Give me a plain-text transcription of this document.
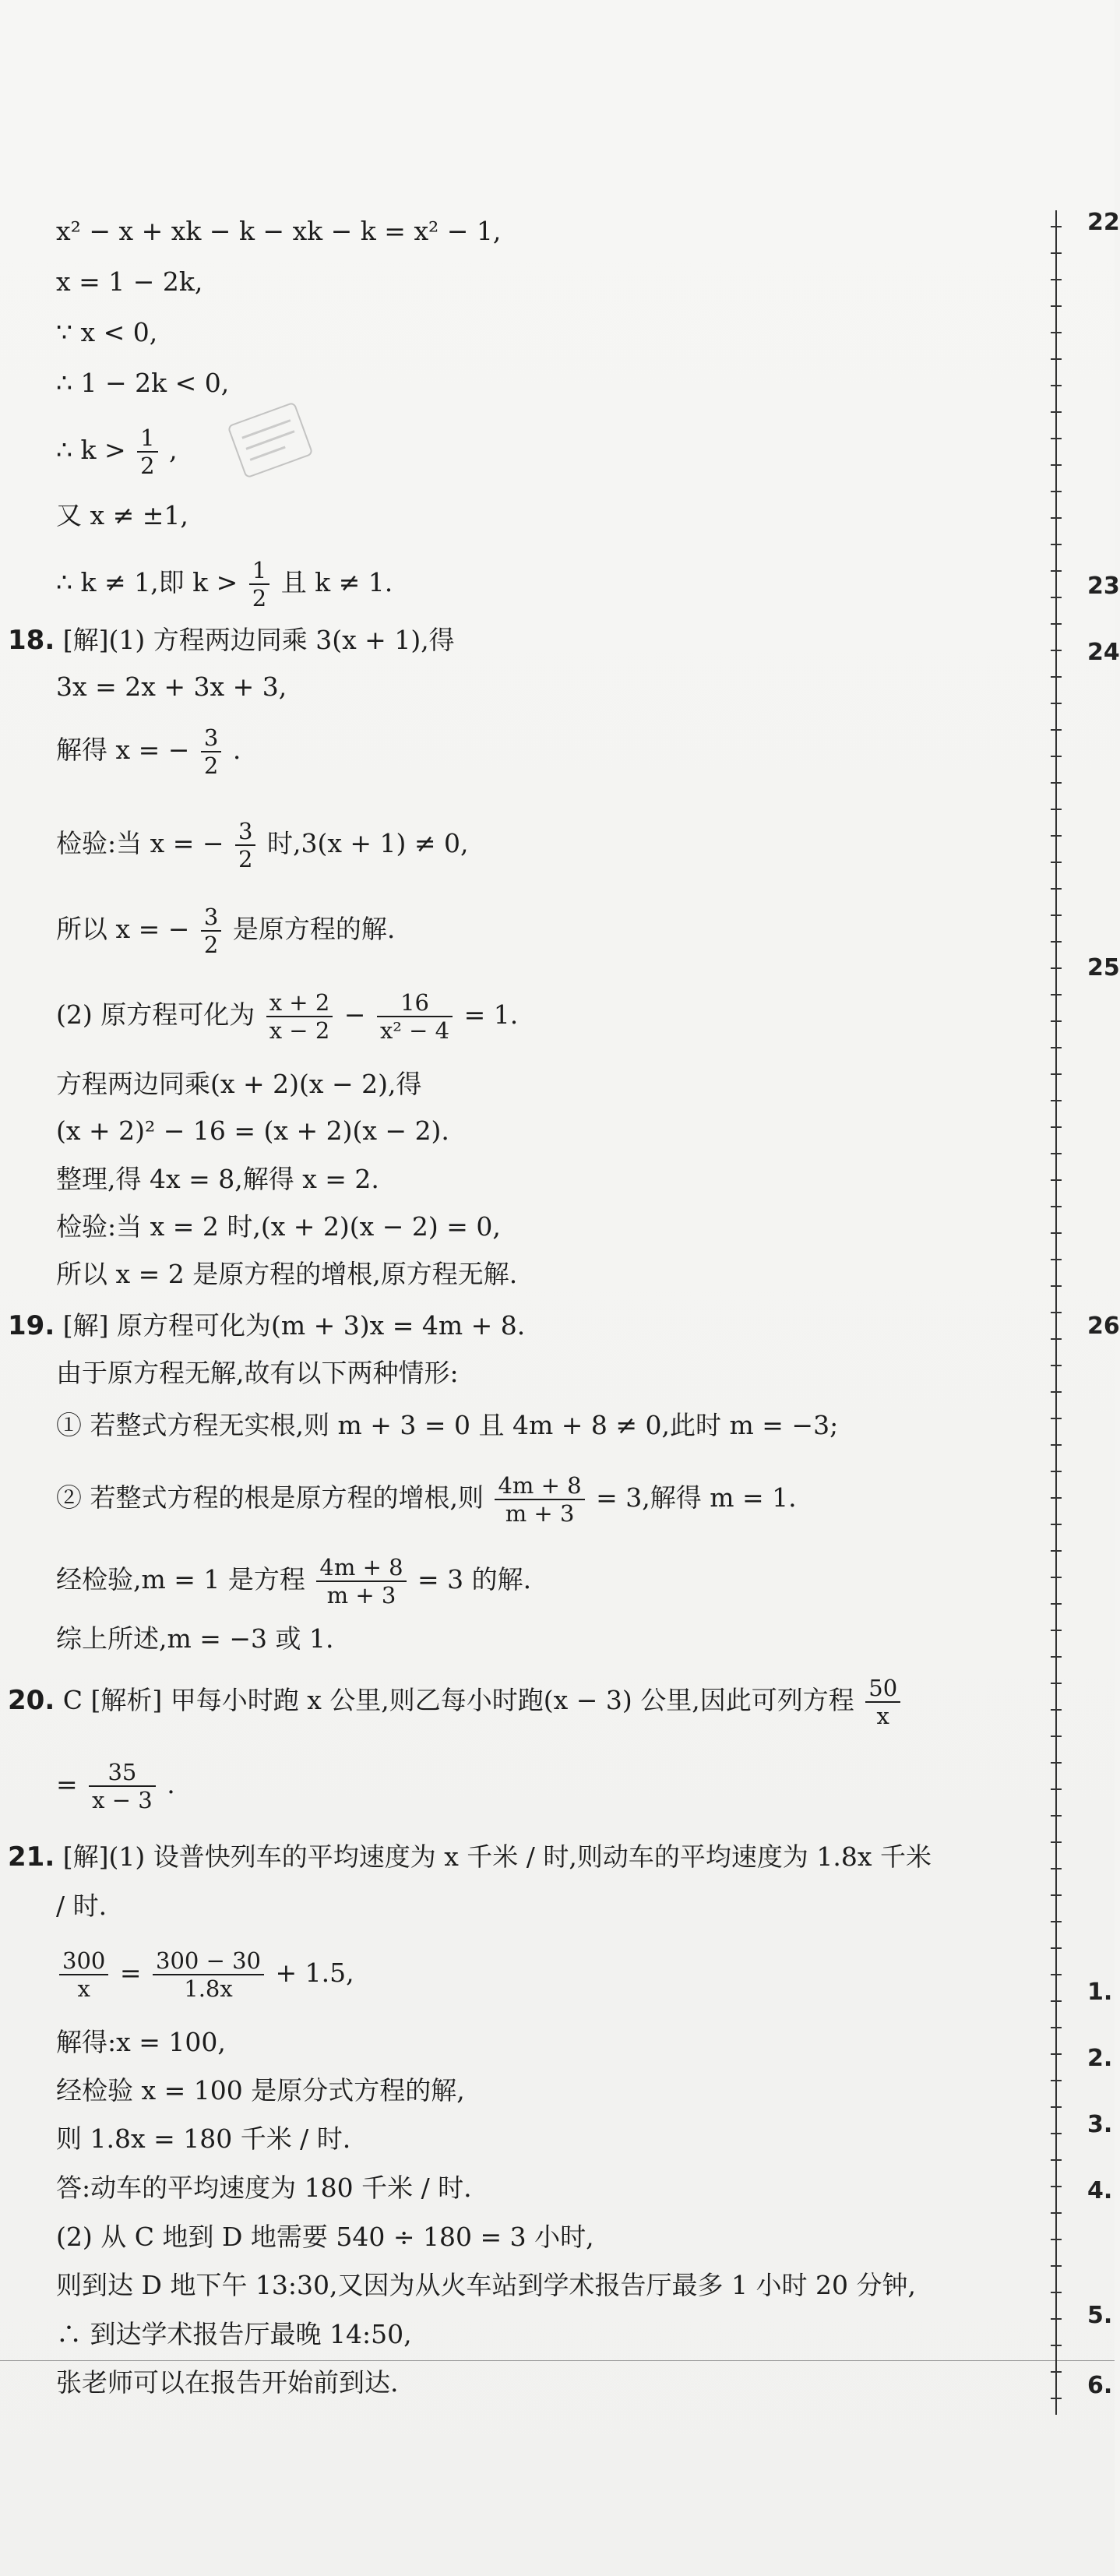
x² − x + xk − k − xk − k = x² − 1,
x = 1 − 2k,
∵ x < 0,
∴ 1 − 2k < 0,
∴ $k > \frac{1}{2}$ ,
又 x ≠ ±1,
∴ k ≠ 1,即 $k > \frac{1}{2}$ 且 k ≠ 1.
18. [解](1) 方程两边同乘 3(x + 1),得
3x = 2x + 3x + 3,
解得 x = − $\frac{3}{2}$ .
检验:当 x = − $\frac{3}{2}$ 时,3(x + 1) ≠ 0,
所以 x = − $\frac{3}{2}$ 是原方程的解.
(2) 原方程可化为 $\frac{x + 2}{x - 2} - \frac{16}{\text{x² − 4}} = 1$.
方程两边同乘(x + 2)(x − 2),得
(x + 2)² − 16 = (x + 2)(x − 2).
整理,得 4x = 8,解得 x = 2.
检验:当 x = 2 时,(x + 2)(x − 2) = 0,
所以 x = 2 是原方程的增根,原方程无解.
19. [解] 原方程可化为(m + 3)x = 4m + 8.
由于原方程无解,故有以下两种情形:
① 若整式方程无实根,则 m + 3 = 0 且 4m + 8 ≠ 0,此时 m = −3;
② 若整式方程的根是原方程的增根,则 $\frac{4m + 8}{m + 3} = 3$,解得 m = 1.
经检验,m = 1 是方程 $\frac{4m + 8}{m + 3} = 3$ 的解.
综上所述,m = −3 或 1.
20. C [解析] 甲每小时跑 x 公里,则乙每小时跑(x − 3) 公里,因此可列方程 $\frac{50}{x}$
= $\frac{35}{x - 3}$ .
21. [解](1) 设普快列车的平均速度为 x 千米 / 时,则动车的平均速度为 1.8x 千米
/ 时.
$\frac{300}{x} = \frac{300 - 30}{1.8x} + 1.5$,
解得:x = 100,
经检验 x = 100 是原分式方程的解,
则 1.8x = 180 千米 / 时.
答:动车的平均速度为 180 千米 / 时.
(2) 从 C 地到 D 地需要 540 ÷ 180 = 3 小时,
则到达 D 地下午 13:30,又因为从火车站到学术报告厅最多 1 小时 20 分钟,
∴ 到达学术报告厅最晚 14:50,
张老师可以在报告开始前到达.
22
23
24
25
26
1.
2.
3.
4.
5.
6.
